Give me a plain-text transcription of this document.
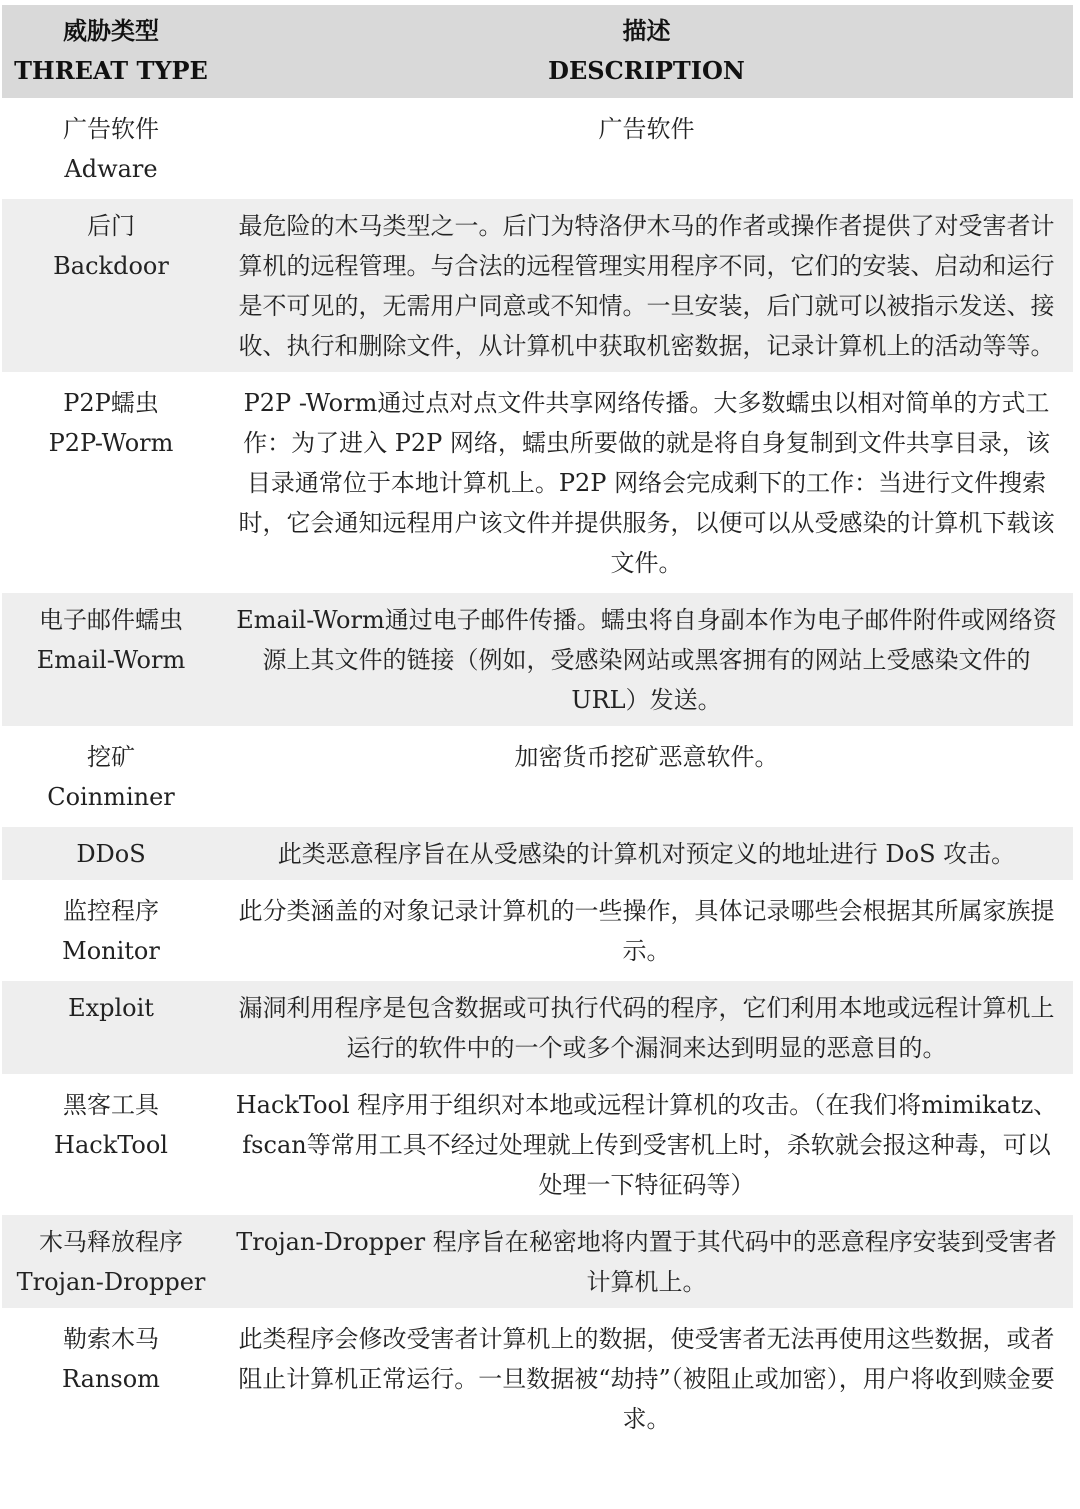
威胁类型
THREAT TYPE	描述
DESCRIPTION

广告软件
Adware	广告软件

后门
Backdoor	最危险的木马类型之一。后门为特洛伊木马的作者或操作者提供了对受害者计算机的远程管理。与合法的远程管理实用程序不同，它们的安装、启动和运行是不可见的，无需用户同意或不知情。一旦安装，后门就可以被指示发送、接收、执行和删除文件，从计算机中获取机密数据，记录计算机上的活动等等。

P2P蠕虫
P2P-Worm	P2P -Worm通过点对点文件共享网络传播。大多数蠕虫以相对简单的方式工作：为了进入 P2P 网络，蠕虫所要做的就是将自身复制到文件共享目录，该目录通常位于本地计算机上。P2P 网络会完成剩下的工作：当进行文件搜索时，它会通知远程用户该文件并提供服务，以便可以从受感染的计算机下载该文件。

电子邮件蠕虫
Email-Worm	Email-Worm通过电子邮件传播。蠕虫将自身副本作为电子邮件附件或网络资源上其文件的链接（例如，受感染网站或黑客拥有的网站上受感染文件的 URL）发送。

挖矿
Coinminer	加密货币挖矿恶意软件。

DDoS	此类恶意程序旨在从受感染的计算机对预定义的地址进行 DoS 攻击。

监控程序
Monitor	此分类涵盖的对象记录计算机的一些操作，具体记录哪些会根据其所属家族提示。

Exploit	漏洞利用程序是包含数据或可执行代码的程序，它们利用本地或远程计算机上运行的软件中的一个或多个漏洞来达到明显的恶意目的。

黑客工具
HackTool	HackTool 程序用于组织对本地或远程计算机的攻击。（在我们将mimikatz、fscan等常用工具不经过处理就上传到受害机上时，杀软就会报这种毒，可以处理一下特征码等）

木马释放程序
Trojan-Dropper	Trojan-Dropper 程序旨在秘密地将内置于其代码中的恶意程序安装到受害者计算机上。

勒索木马
Ransom	此类程序会修改受害者计算机上的数据，使受害者无法再使用这些数据，或者阻止计算机正常运行。一旦数据被“劫持”（被阻止或加密），用户将收到赎金要求。
